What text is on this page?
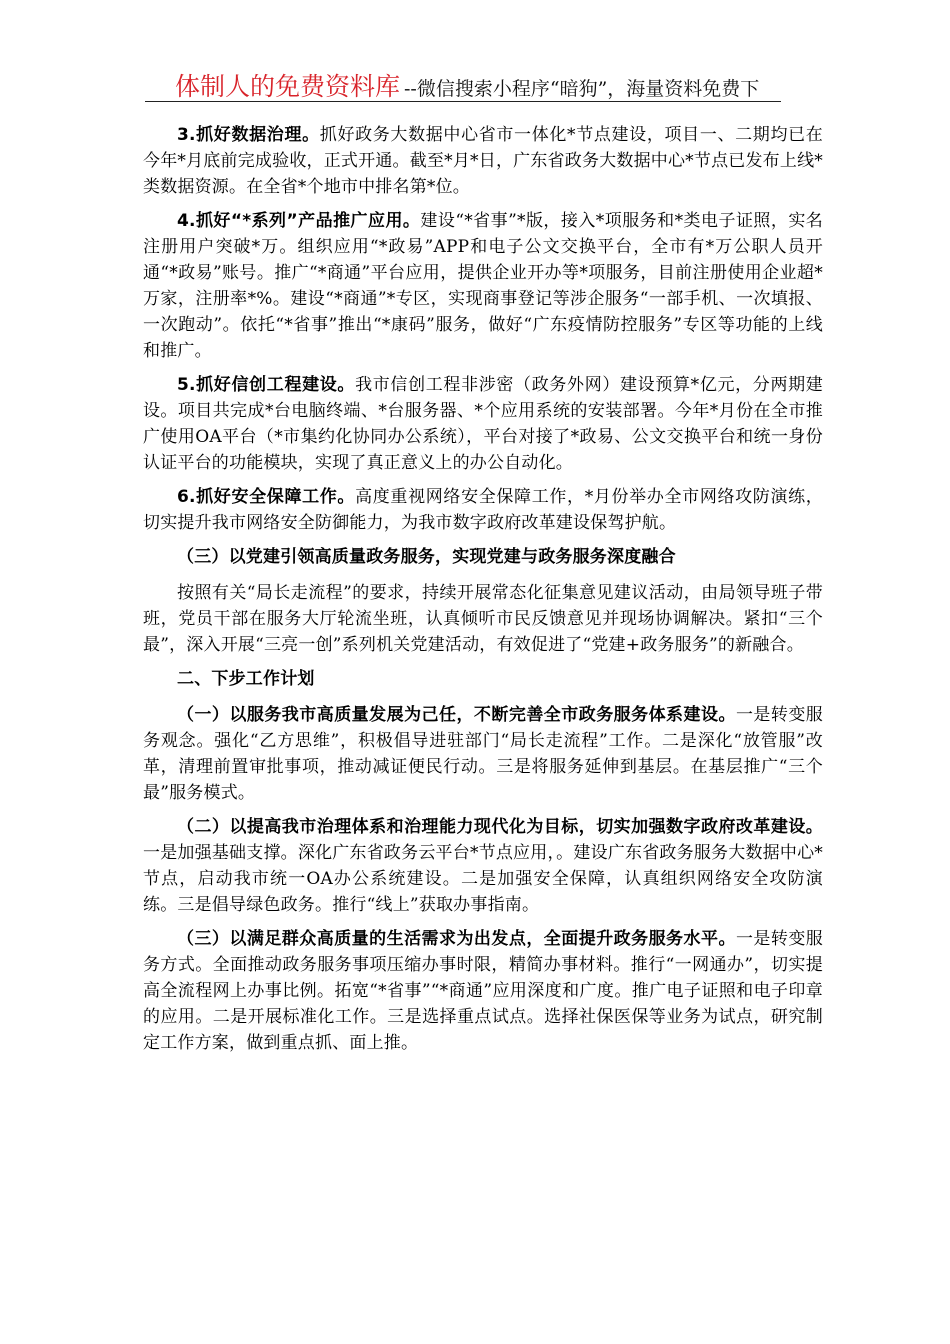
体制人的免费资料库 --微信搜索小程序“暗狗”，海量资料免费下

3.抓好数据治理。抓好政务大数据中心省市一体化*节点建设，项目一、二期均已在今年*月底前完成验收，正式开通。截至*月*日，广东省政务大数据中心*节点已发布上线*类数据资源。在全省*个地市中排名第*位。

4.抓好“*系列”产品推广应用。建设“*省事”*版，接入*项服务和*类电子证照，实名注册用户突破*万。组织应用“*政易”APP和电子公文交换平台，全市有*万公职人员开通“*政易”账号。推广“*商通”平台应用，提供企业开办等*项服务，目前注册使用企业超*万家，注册率*%。建设“*商通”*专区，实现商事登记等涉企服务“一部手机、一次填报、一次跑动”。依托“*省事”推出“*康码”服务，做好“广东疫情防控服务”专区等功能的上线和推广。

5.抓好信创工程建设。我市信创工程非涉密（政务外网）建设预算*亿元，分两期建设。项目共完成*台电脑终端、*台服务器、*个应用系统的安装部署。今年*月份在全市推广使用OA平台（*市集约化协同办公系统），平台对接了*政易、公文交换平台和统一身份认证平台的功能模块，实现了真正意义上的办公自动化。

6.抓好安全保障工作。高度重视网络安全保障工作，*月份举办全市网络攻防演练，切实提升我市网络安全防御能力，为我市数字政府改革建设保驾护航。

（三）以党建引领高质量政务服务，实现党建与政务服务深度融合

按照有关“局长走流程”的要求，持续开展常态化征集意见建议活动，由局领导班子带班，党员干部在服务大厅轮流坐班，认真倾听市民反馈意见并现场协调解决。紧扣“三个最”，深入开展“三亮一创”系列机关党建活动，有效促进了“党建+政务服务”的新融合。

二、下步工作计划

（一）以服务我市高质量发展为己任，不断完善全市政务服务体系建设。一是转变服务观念。强化“乙方思维”，积极倡导进驻部门“局长走流程”工作。二是深化“放管服”改革，清理前置审批事项，推动减证便民行动。三是将服务延伸到基层。在基层推广“三个最”服务模式。

（二）以提高我市治理体系和治理能力现代化为目标，切实加强数字政府改革建设。一是加强基础支撑。深化广东省政务云平台*节点应用，。建设广东省政务服务大数据中心*节点，启动我市统一OA办公系统建设。二是加强安全保障，认真组织网络安全攻防演练。三是倡导绿色政务。推行“线上”获取办事指南。

（三）以满足群众高质量的生活需求为出发点，全面提升政务服务水平。一是转变服务方式。全面推动政务服务事项压缩办事时限，精简办事材料。推行“一网通办”，切实提高全流程网上办事比例。拓宽“*省事”“*商通”应用深度和广度。推广电子证照和电子印章的应用。二是开展标准化工作。三是选择重点试点。选择社保医保等业务为试点，研究制定工作方案，做到重点抓、面上推。
